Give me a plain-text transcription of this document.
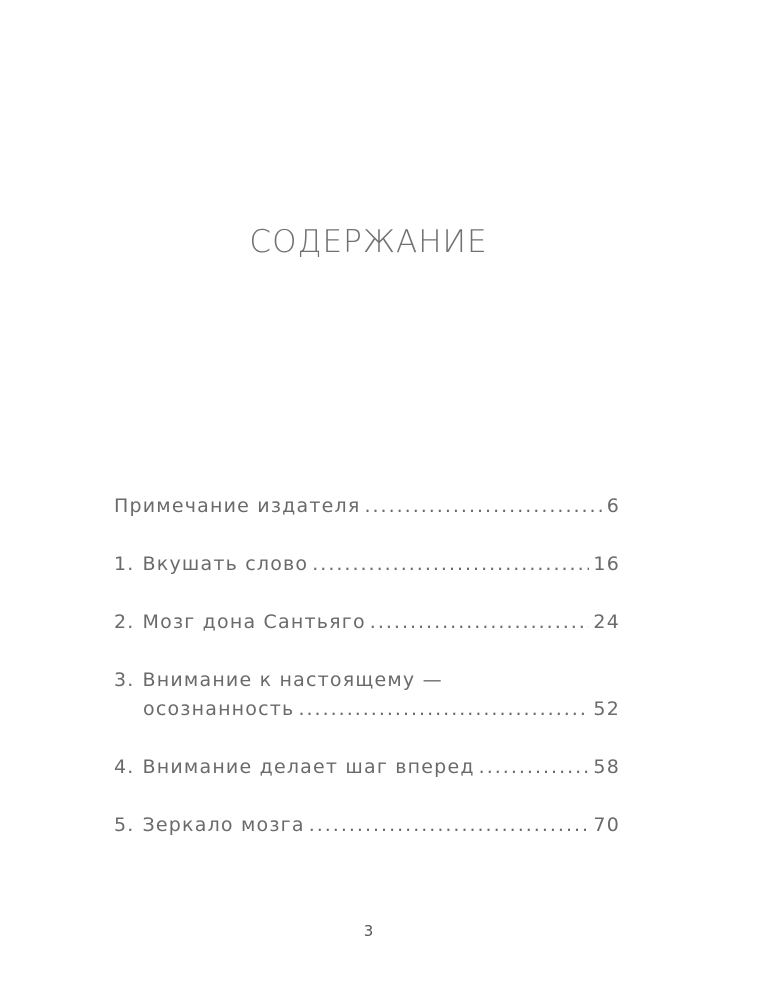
СОДЕРЖАНИЕ
Примечание издателя .....	6
1. Вкушать слово .....	16
2. Мозг дона Сантьяго .....	24
3. Внимание к настоящему —
осознанность .....	52
4. Внимание делает шаг вперед .....	58
5. Зеркало мозга .....	70
3
